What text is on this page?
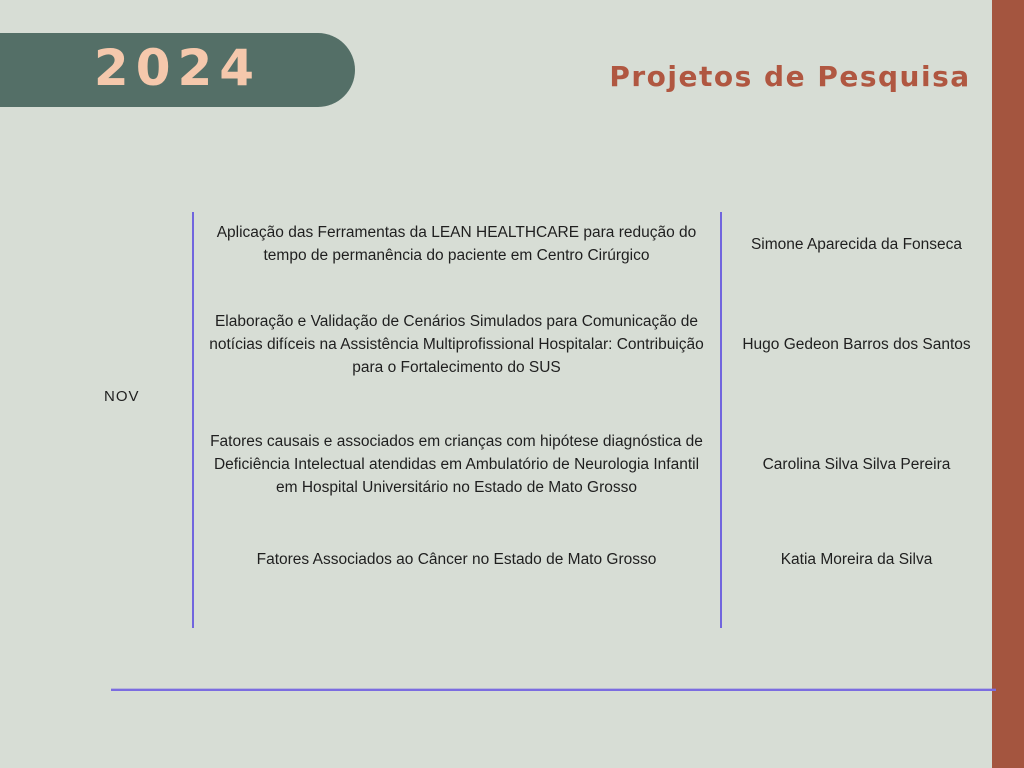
2024	Projetos de Pesquisa
NOV
Aplicação das Ferramentas da LEAN HEALTHCARE para redução do tempo de permanência do paciente em Centro Cirúrgico
Simone Aparecida da Fonseca
Elaboração e Validação de Cenários Simulados para Comunicação de notícias difíceis na Assistência Multiprofissional Hospitalar: Contribuição para o Fortalecimento do SUS
Hugo Gedeon Barros dos Santos
Fatores causais e associados em crianças com hipótese diagnóstica de Deficiência Intelectual atendidas em Ambulatório de Neurologia Infantil em Hospital Universitário no Estado de Mato Grosso
Carolina Silva Silva Pereira
Fatores Associados ao Câncer no Estado de Mato Grosso	Katia Moreira da Silva
